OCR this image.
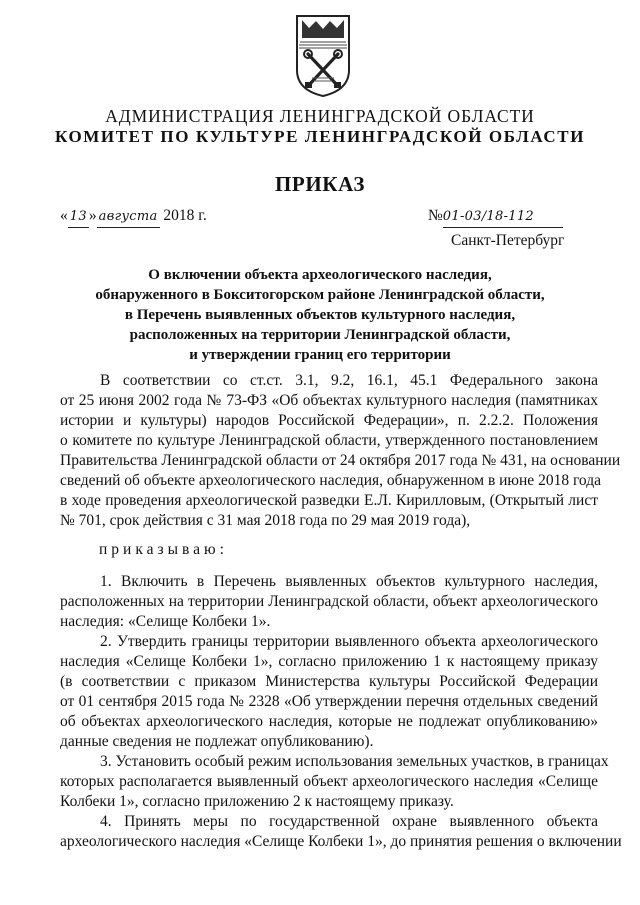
АДМИНИСТРАЦИЯ ЛЕНИНГРАДСКОЙ ОБЛАСТИ
КОМИТЕТ ПО КУЛЬТУРЕ ЛЕНИНГРАДСКОЙ ОБЛАСТИ
ПРИКАЗ
« 13 » августа 2018 г.	№01-03/18-112
Санкт-Петербург
О включении объекта археологического наследия,
обнаруженного в Бокситогорском районе Ленинградской области,
в Перечень выявленных объектов культурного наследия,
расположенных на территории Ленинградской области,
и утверждении границ его территории
В соответствии со ст.ст. 3.1, 9.2, 16.1, 45.1 Федерального закона
от 25 июня 2002 года № 73-ФЗ «Об объектах культурного наследия (памятниках
истории и культуры) народов Российской Федерации», п. 2.2.2. Положения
о комитете по культуре Ленинградской области, утвержденного постановлением
Правительства Ленинградской области от 24 октября 2017 года № 431, на основании
сведений об объекте археологического наследия, обнаруженном в июне 2018 года
в ходе проведения археологической разведки Е.Л. Кирилловым, (Открытый лист
№ 701, срок действия с 31 мая 2018 года по 29 мая 2019 года),
приказываю:
1. Включить в Перечень выявленных объектов культурного наследия,
расположенных на территории Ленинградской области, объект археологического
наследия: «Селище Колбеки 1».
2. Утвердить границы территории выявленного объекта археологического
наследия «Селище Колбеки 1», согласно приложению 1 к настоящему приказу
(в соответствии с приказом Министерства культуры Российской Федерации
от 01 сентября 2015 года № 2328 «Об утверждении перечня отдельных сведений
об объектах археологического наследия, которые не подлежат опубликованию»
данные сведения не подлежат опубликованию).
3. Установить особый режим использования земельных участков, в границах
которых располагается выявленный объект археологического наследия «Селище
Колбеки 1», согласно приложению 2 к настоящему приказу.
4. Принять меры по государственной охране выявленного объекта
археологического наследия «Селище Колбеки 1», до принятия решения о включении
